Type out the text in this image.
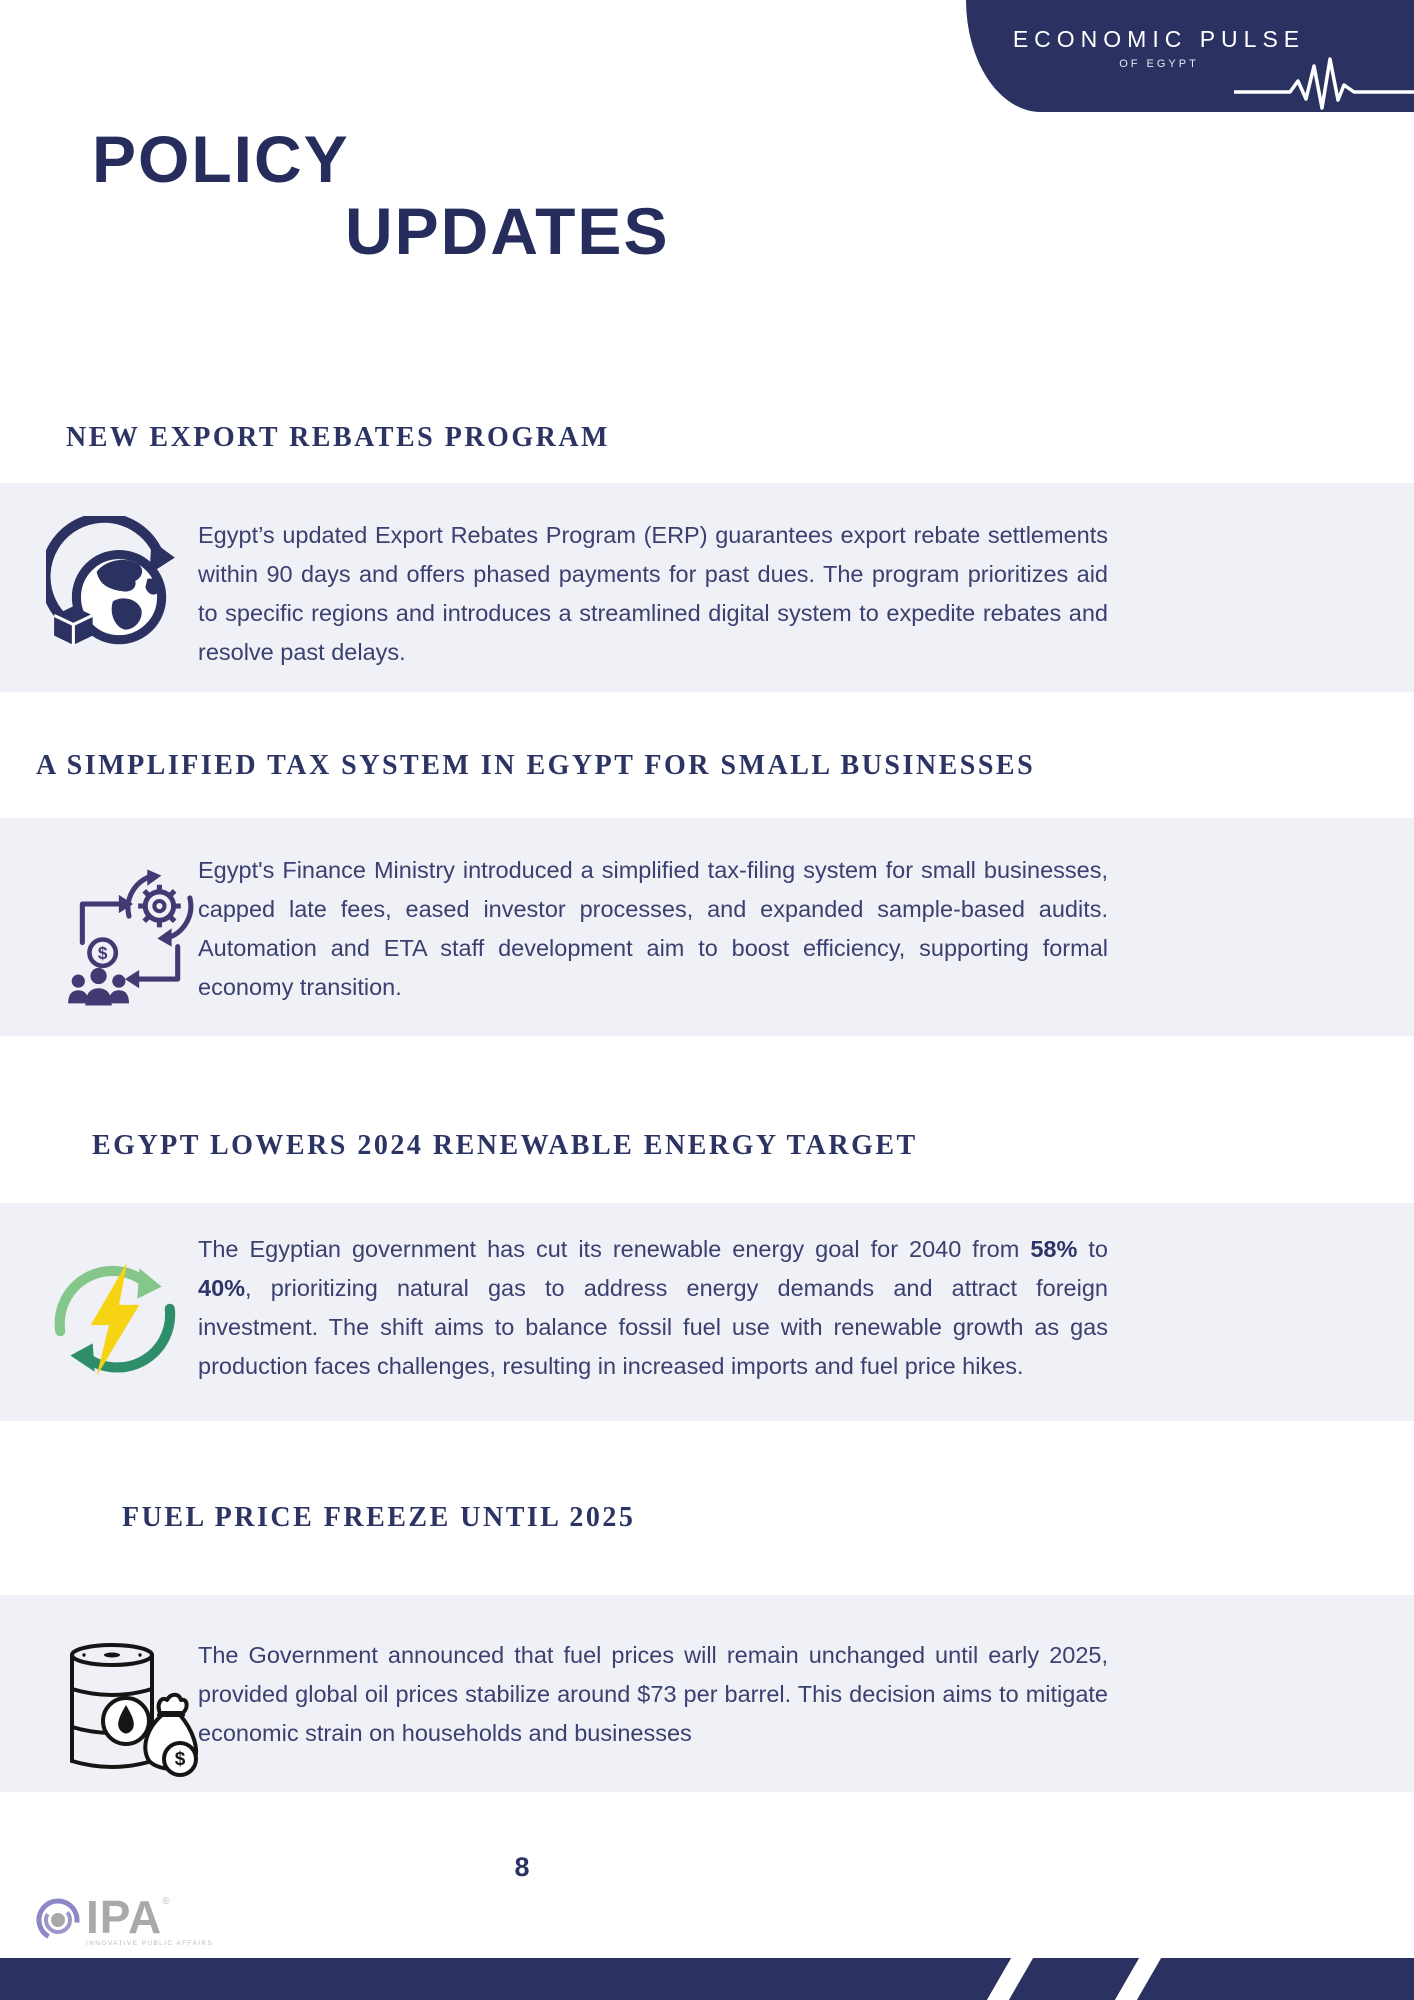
ECONOMIC PULSE
OF EGYPT
POLICY
UPDATES
NEW EXPORT REBATES PROGRAM
A SIMPLIFIED TAX SYSTEM IN EGYPT FOR SMALL BUSINESSES
EGYPT LOWERS 2024 RENEWABLE ENERGY TARGET
FUEL PRICE FREEZE UNTIL 2025
$
$

Egypt’s updated Export Rebates Program (ERP) guarantees export rebate settlements within 90 days and offers phased payments for past dues. The program prioritizes aid to specific regions and introduces a streamlined digital system to expedite rebates and resolve past delays.

Egypt's Finance Ministry introduced a simplified tax-filing system for small businesses, capped late fees, eased investor processes, and expanded sample-based audits. Automation and ETA staff development aim to boost efficiency, supporting formal economy transition.

The Egyptian government has cut its renewable energy goal for 2040 from 58% to 40%, prioritizing natural gas to address energy demands and attract foreign investment. The shift aims to balance fossil fuel use with renewable growth as gas production faces challenges, resulting in increased imports and fuel price hikes.

The Government announced that fuel prices will remain unchanged until early 2025, provided global oil prices stabilize around $73 per barrel. This decision aims to mitigate economic strain on households and businesses

IPA®
INNOVATIVE PUBLIC AFFAIRS
8
